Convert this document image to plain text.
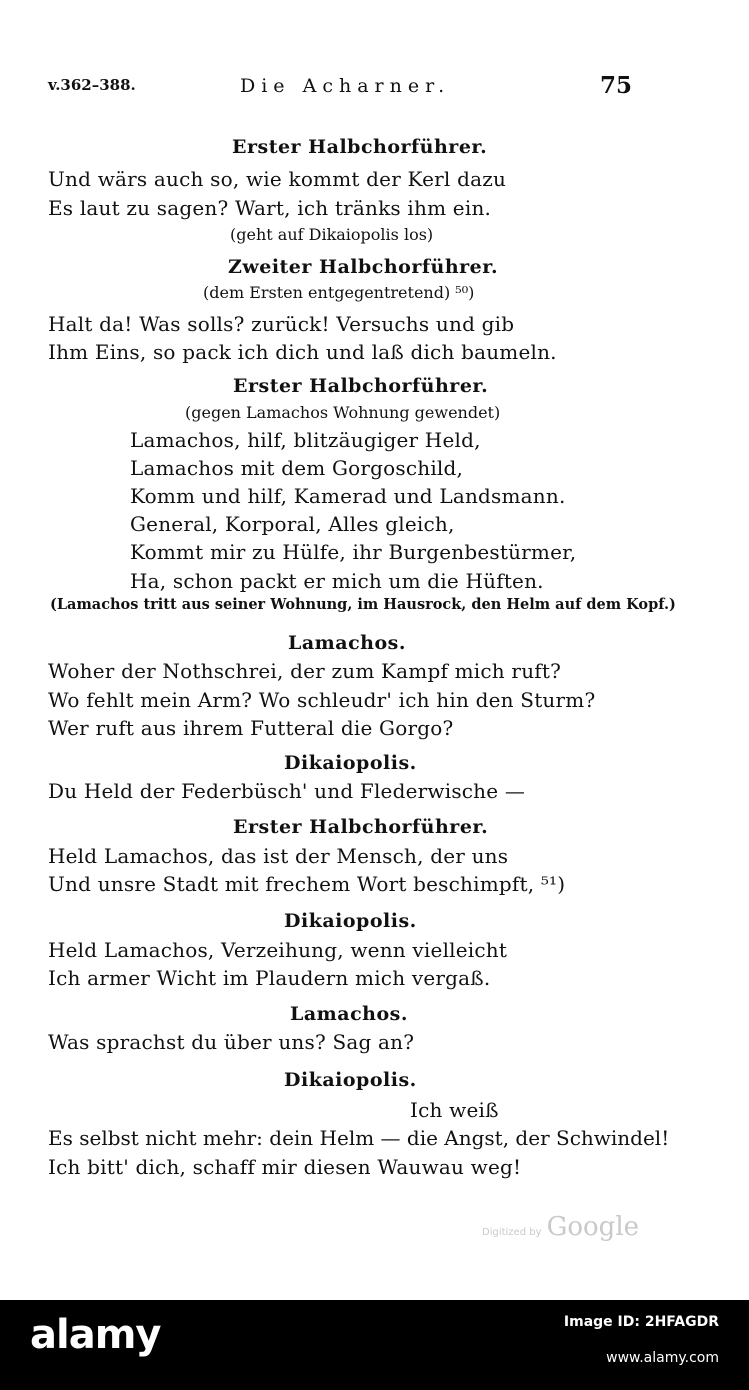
v.362–388.	Die Acharner.	75
Erster Halbchorführer.
Und wärs auch so, wie kommt der Kerl dazu
Es laut zu sagen? Wart, ich tränks ihm ein.
(geht auf Dikaiopolis los)
Zweiter Halbchorführer.
(dem Ersten entgegentretend) ⁵⁰)
Halt da! Was solls? zurück! Versuchs und gib
Ihm Eins, so pack ich dich und laß dich baumeln.
Erster Halbchorführer.
(gegen Lamachos Wohnung gewendet)
Lamachos, hilf, blitzäugiger Held,
Lamachos mit dem Gorgoschild,
Komm und hilf, Kamerad und Landsmann.
General, Korporal, Alles gleich,
Kommt mir zu Hülfe, ihr Burgenbestürmer,
Ha, schon packt er mich um die Hüften.
(Lamachos tritt aus seiner Wohnung, im Hausrock, den Helm auf dem Kopf.)
Lamachos.
Woher der Nothschrei, der zum Kampf mich ruft?
Wo fehlt mein Arm? Wo schleudr' ich hin den Sturm?
Wer ruft aus ihrem Futteral die Gorgo?
Dikaiopolis.
Du Held der Federbüsch' und Flederwische —
Erster Halbchorführer.
Held Lamachos, das ist der Mensch, der uns
Und unsre Stadt mit frechem Wort beschimpft, ⁵¹)
Dikaiopolis.
Held Lamachos, Verzeihung, wenn vielleicht
Ich armer Wicht im Plaudern mich vergaß.
Lamachos.
Was sprachst du über uns? Sag an?
Dikaiopolis.
Ich weiß
Es selbst nicht mehr: dein Helm — die Angst, der Schwindel!
Ich bitt' dich, schaff mir diesen Wauwau weg!
Digitized by Google
alamy	Image ID: 2HFAGDR
www.alamy.com
